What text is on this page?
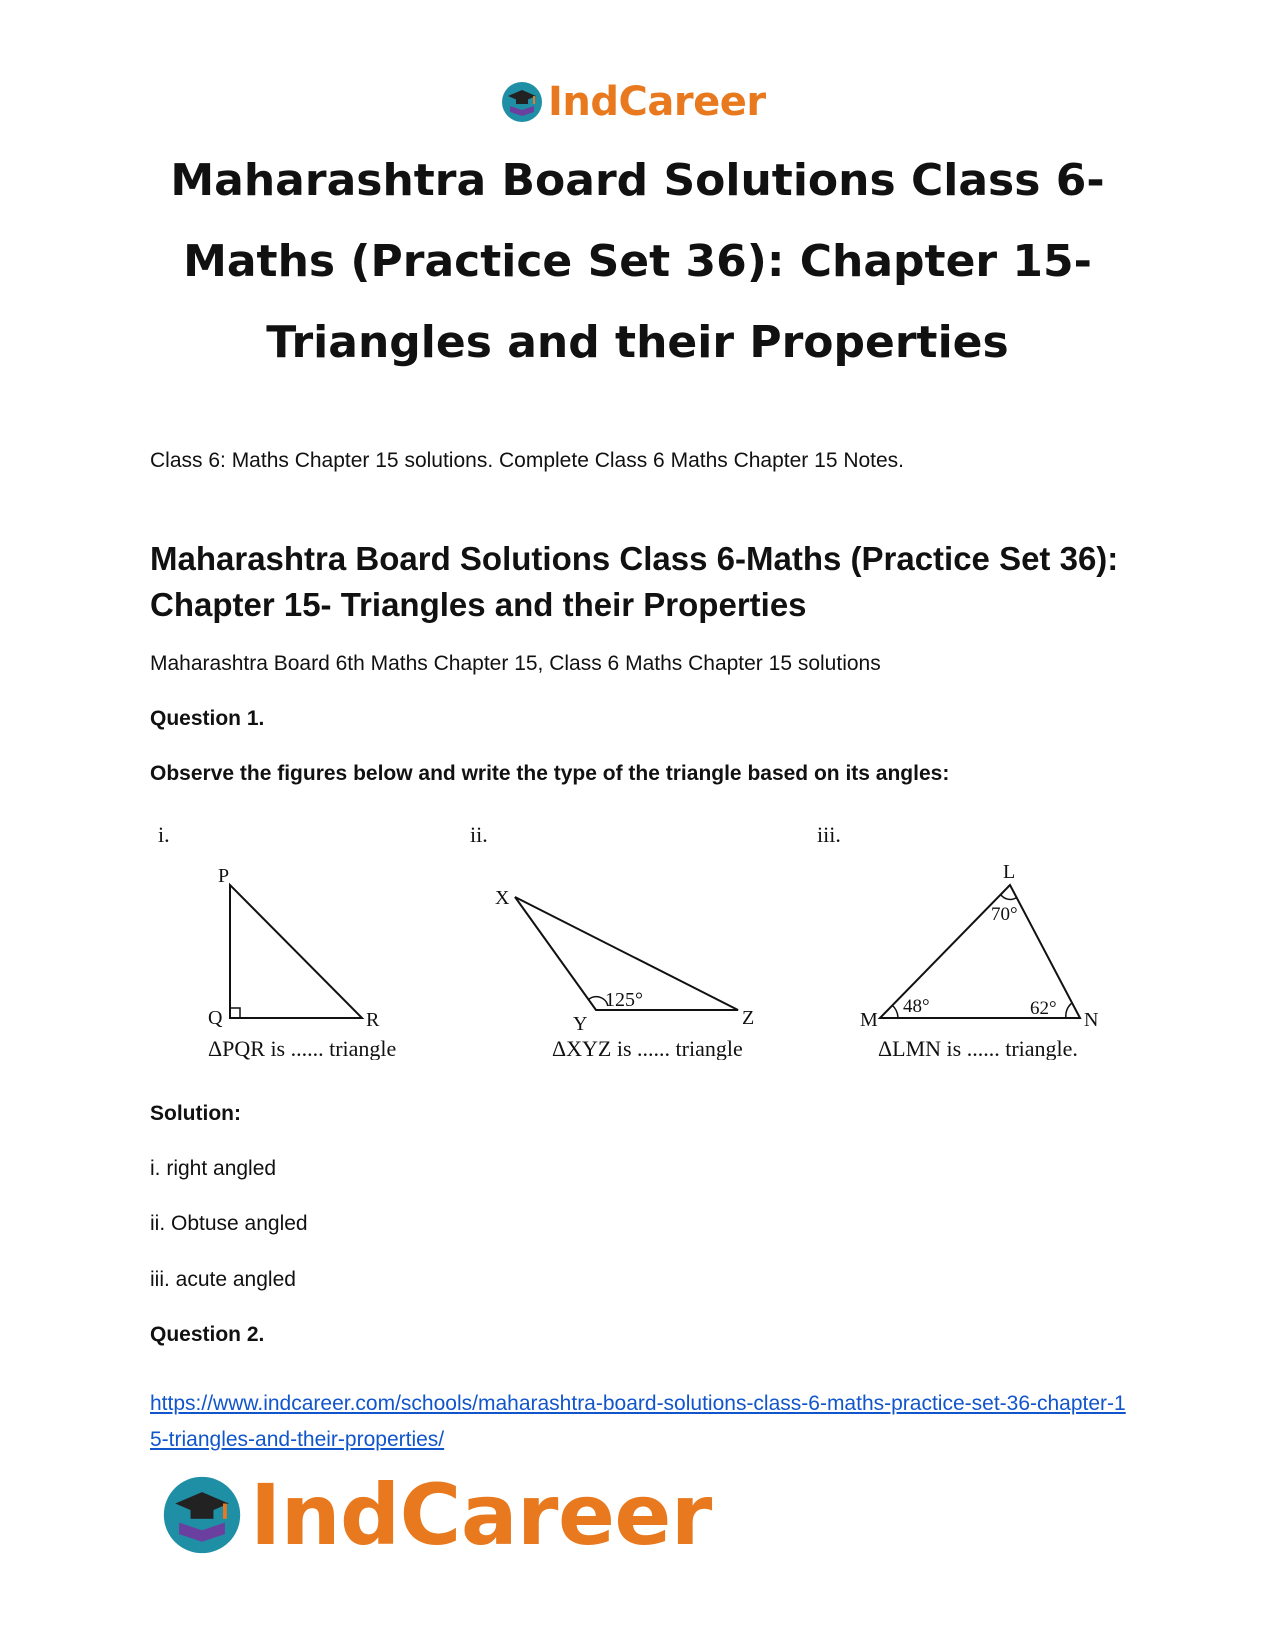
IndCareer
Maharashtra Board Solutions Class 6-Maths (Practice Set 36): Chapter 15- Triangles and their Properties

Class 6: Maths Chapter 15 solutions. Complete Class 6 Maths Chapter 15 Notes.

Maharashtra Board Solutions Class 6-Maths (Practice Set 36): Chapter 15- Triangles and their Properties

Maharashtra Board 6th Maths Chapter 15, Class 6 Maths Chapter 15 solutions

Question 1.

Observe the figures below and write the type of the triangle based on its angles:

i.
P
Q	R
ΔPQR is ...... triangle
ii.
X
Y	Z
125°
ΔXYZ is ...... triangle
iii.
L
M	N
70°
48°	62°
ΔLMN is ...... triangle.

Solution:

i. right angled

ii. Obtuse angled

iii. acute angled

Question 2.

https://www.indcareer.com/schools/maharashtra-board-solutions-class-6-maths-practice-set-36-chapter-15-triangles-and-their-properties/
IndCareer
